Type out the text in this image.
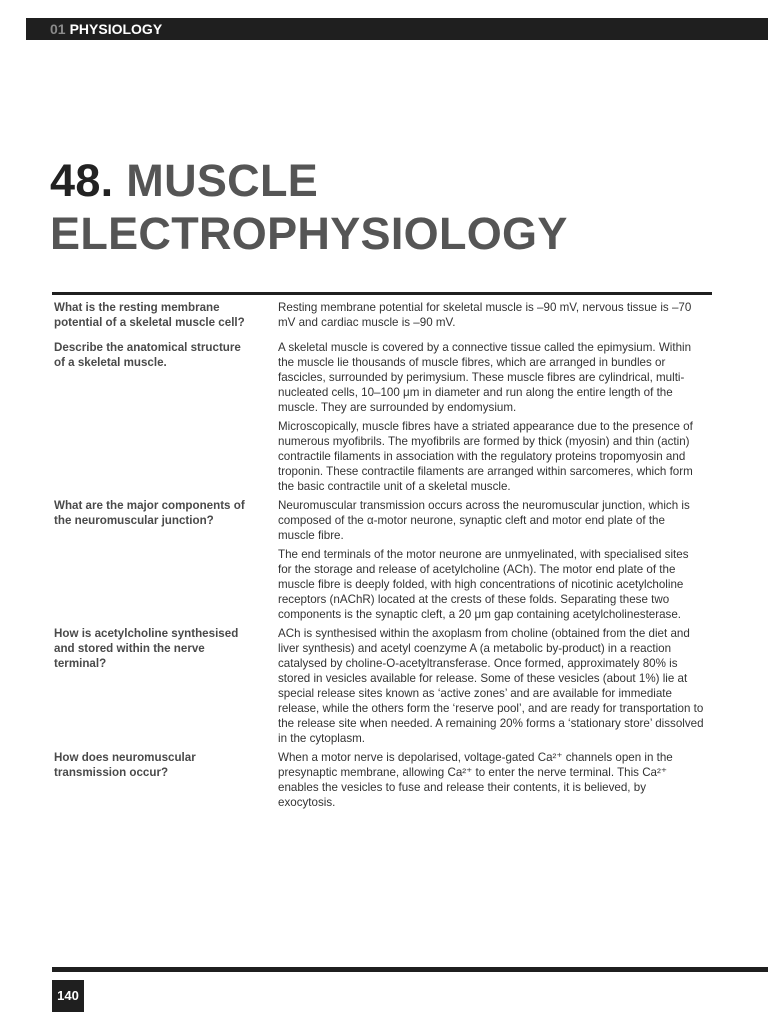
01 PHYSIOLOGY
48. MUSCLE
ELECTROPHYSIOLOGY
What is the resting membrane potential of a skeletal muscle cell?

Resting membrane potential for skeletal muscle is –90 mV, nervous tissue is –70 mV and cardiac muscle is –90 mV.

Describe the anatomical structure of a skeletal muscle.

A skeletal muscle is covered by a connective tissue called the epimysium. Within the muscle lie thousands of muscle fibres, which are arranged in bundles or fascicles, surrounded by perimysium. These muscle fibres are cylindrical, multi-nucleated cells, 10–100 μm in diameter and run along the entire length of the muscle. They are surrounded by endomysium.

Microscopically, muscle fibres have a striated appearance due to the presence of numerous myofibrils. The myofibrils are formed by thick (myosin) and thin (actin) contractile filaments in association with the regulatory proteins tropomyosin and troponin. These contractile filaments are arranged within sarcomeres, which form the basic contractile unit of a skeletal muscle.

What are the major components of the neuromuscular junction?

Neuromuscular transmission occurs across the neuromuscular junction, which is composed of the α-motor neurone, synaptic cleft and motor end plate of the muscle fibre.

The end terminals of the motor neurone are unmyelinated, with specialised sites for the storage and release of acetylcholine (ACh). The motor end plate of the muscle fibre is deeply folded, with high concentrations of nicotinic acetylcholine receptors (nAChR) located at the crests of these folds. Separating these two components is the synaptic cleft, a 20 μm gap containing acetylcholinesterase.

How is acetylcholine synthesised and stored within the nerve terminal?

ACh is synthesised within the axoplasm from choline (obtained from the diet and liver synthesis) and acetyl coenzyme A (a metabolic by-product) in a reaction catalysed by choline-O-acetyltransferase. Once formed, approximately 80% is stored in vesicles available for release. Some of these vesicles (about 1%) lie at special release sites known as ‘active zones’ and are available for immediate release, while the others form the ‘reserve pool’, and are ready for transportation to the release site when needed. A remaining 20% forms a ‘stationary store’ dissolved in the cytoplasm.

How does neuromuscular transmission occur?

When a motor nerve is depolarised, voltage-gated Ca²⁺ channels open in the presynaptic membrane, allowing Ca²⁺ to enter the nerve terminal. This Ca²⁺ enables the vesicles to fuse and release their contents, it is believed, by exocytosis.

140
